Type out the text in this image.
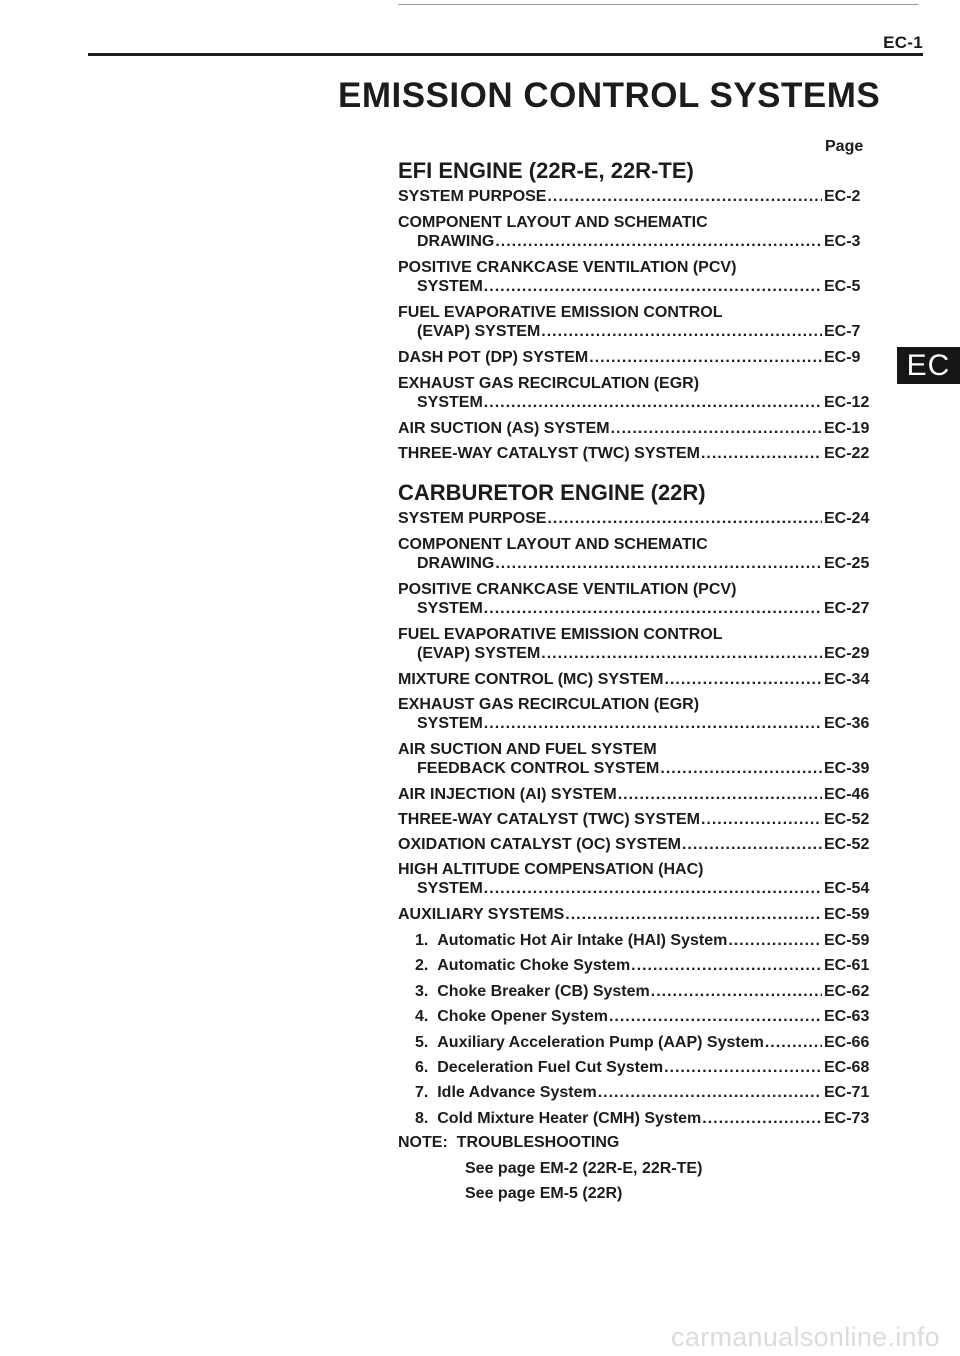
EC-1
EMISSION CONTROL SYSTEMS
Page
EC
EFI ENGINE (22R-E, 22R-TE)
SYSTEM PURPOSE .....	EC-2
COMPONENT LAYOUT AND SCHEMATIC
DRAWING .....	EC-3
POSITIVE CRANKCASE VENTILATION (PCV)
SYSTEM .....	EC-5
FUEL EVAPORATIVE EMISSION CONTROL
(EVAP) SYSTEM .....	EC-7
DASH POT (DP) SYSTEM .....	EC-9
EXHAUST GAS RECIRCULATION (EGR)
SYSTEM .....	EC-12
AIR SUCTION (AS) SYSTEM .....	EC-19
THREE-WAY CATALYST (TWC) SYSTEM .....	EC-22
CARBURETOR ENGINE (22R)
SYSTEM PURPOSE .....	EC-24
COMPONENT LAYOUT AND SCHEMATIC
DRAWING .....	EC-25
POSITIVE CRANKCASE VENTILATION (PCV)
SYSTEM .....	EC-27
FUEL EVAPORATIVE EMISSION CONTROL
(EVAP) SYSTEM .....	EC-29
MIXTURE CONTROL (MC) SYSTEM .....	EC-34
EXHAUST GAS RECIRCULATION (EGR)
SYSTEM .....	EC-36
AIR SUCTION AND FUEL SYSTEM
FEEDBACK CONTROL SYSTEM .....	EC-39
AIR INJECTION (AI) SYSTEM .....	EC-46
THREE-WAY CATALYST (TWC) SYSTEM .....	EC-52
OXIDATION CATALYST (OC) SYSTEM .....	EC-52
HIGH ALTITUDE COMPENSATION (HAC)
SYSTEM .....	EC-54
AUXILIARY SYSTEMS .....	EC-59
1. Automatic Hot Air Intake (HAI) System .....	EC-59
2. Automatic Choke System .....	EC-61
3. Choke Breaker (CB) System .....	EC-62
4. Choke Opener System .....	EC-63
5. Auxiliary Acceleration Pump (AAP) System .....	EC-66
6. Deceleration Fuel Cut System .....	EC-68
7. Idle Advance System .....	EC-71
8. Cold Mixture Heater (CMH) System .....	EC-73
NOTE: TROUBLESHOOTING
See page EM-2 (22R-E, 22R-TE)
See page EM-5 (22R)
carmanualsonline.info
